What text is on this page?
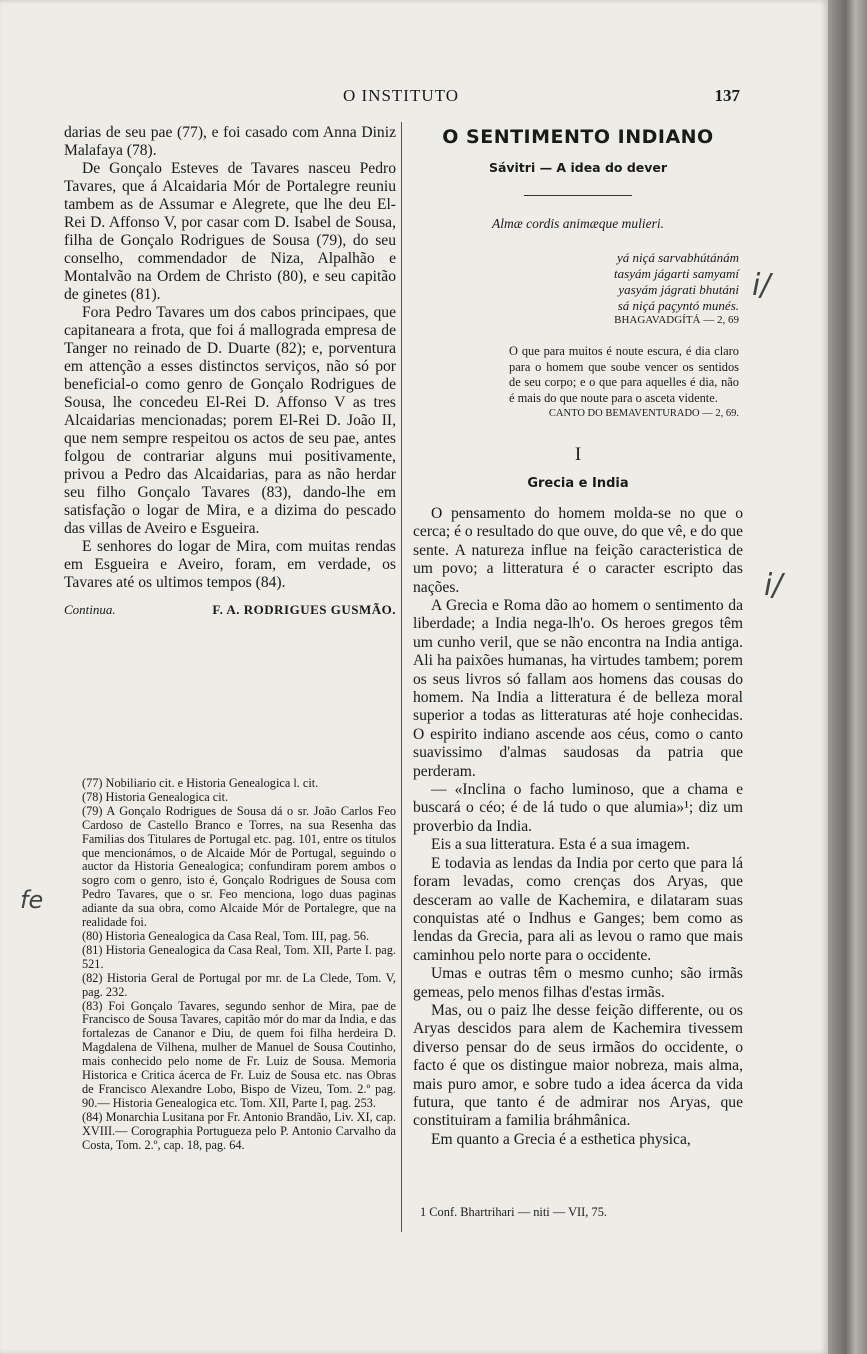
O INSTITUTO	137

darias de seu pae (77), e foi casado com Anna Diniz Malafaya (78).

De Gonçalo Esteves de Tavares nasceu Pedro Tavares, que á Alcaidaria Mór de Portalegre reuniu tambem as de Assumar e Alegrete, que lhe deu El-Rei D. Affonso V, por casar com D. Isabel de Sousa, filha de Gonçalo Rodrigues de Sousa (79), do seu conselho, commendador de Niza, Alpalhão e Montalvão na Ordem de Christo (80), e seu capitão de ginetes (81).

Fora Pedro Tavares um dos cabos principaes, que capitaneara a frota, que foi á mallograda empresa de Tanger no reinado de D. Duarte (82); e, porventura em attenção a esses distinctos serviços, não só por beneficial-o como genro de Gonçalo Rodrigues de Sousa, lhe concedeu El-Rei D. Affonso V as tres Alcaidarias mencionadas; porem El-Rei D. João II, que nem sempre respeitou os actos de seu pae, antes folgou de contrariar alguns mui positivamente, privou a Pedro das Alcaidarias, para as não herdar seu filho Gonçalo Tavares (83), dando-lhe em satisfação o logar de Mira, e a dizima do pescado das villas de Aveiro e Esgueira.

E senhores do logar de Mira, com muitas rendas em Esgueira e Aveiro, foram, em verdade, os Tavares até os ultimos tempos (84).

Continua.	F. A. RODRIGUES GUSMÃO.

(77) Nobiliario cit. e Historia Genealogica l. cit.

(78) Historia Genealogica cit.

(79) A Gonçalo Rodrigues de Sousa dá o sr. João Carlos Feo Cardoso de Castello Branco e Torres, na sua Resenha das Familias dos Titulares de Portugal etc. pag. 101, entre os titulos que mencionámos, o de Alcaide Mór de Portugal, seguindo o auctor da Historia Genealogica; confundiram porem ambos o sogro com o genro, isto é, Gonçalo Rodrigues de Sousa com Pedro Tavares, que o sr. Feo menciona, logo duas paginas adiante da sua obra, como Alcaide Mór de Portalegre, que na realidade foi.

(80) Historia Genealogica da Casa Real, Tom. III, pag. 56.

(81) Historia Genealogica da Casa Real, Tom. XII, Parte I. pag. 521.

(82) Historia Geral de Portugal por mr. de La Clede, Tom. V, pag. 232.

(83) Foi Gonçalo Tavares, segundo senhor de Mira, pae de Francisco de Sousa Tavares, capitão mór do mar da India, e das fortalezas de Cananor e Diu, de quem foi filha herdeira D. Magdalena de Vilhena, mulher de Manuel de Sousa Coutinho, mais conhecido pelo nome de Fr. Luiz de Sousa. Memoria Historica e Critica ácerca de Fr. Luiz de Sousa etc. nas Obras de Francisco Alexandre Lobo, Bispo de Vizeu, Tom. 2.º pag. 90.— Historia Genealogica etc. Tom. XII, Parte I, pag. 253.

(84) Monarchia Lusitana por Fr. Antonio Brandão, Liv. XI, cap. XVIII.— Corographia Portugueza pelo P. Antonio Carvalho da Costa, Tom. 2.º, cap. 18, pag. 64.

O SENTIMENTO INDIANO
Sávitri — A idea do dever
Almæ cordis animæque mulieri.
yá niçá sarvabhútánám
tasyám jágarti samyamí
yasyám jágrati bhutáni
sá niçá paçyntó munés.
BHAGAVADGÍTÁ — 2, 69
O que para muitos é noute escura, é dia claro para o homem que soube vencer os sentidos de seu corpo; e o que para aquelles é dia, não é mais do que noute para o asceta vidente.
CANTO DO BEMAVENTURADO — 2, 69.
I
Grecia e India

O pensamento do homem molda-se no que o cerca; é o resultado do que ouve, do que vê, e do que sente. A natureza influe na feição caracteristica de um povo; a litteratura é o caracter escripto das nações.

A Grecia e Roma dão ao homem o sentimento da liberdade; a India nega-lh'o. Os heroes gregos têm um cunho veril, que se não encontra na India antiga. Ali ha paixões humanas, ha virtudes tambem; porem os seus livros só fallam aos homens das cousas do homem. Na India a litteratura é de belleza moral superior a todas as litteraturas até hoje conhecidas. O espirito indiano ascende aos céus, como o canto suavissimo d'almas saudosas da patria que perderam.

— «Inclina o facho luminoso, que a chama e buscará o céo; é de lá tudo o que alumia»¹; diz um proverbio da India.

Eis a sua litteratura. Esta é a sua imagem.

E todavia as lendas da India por certo que para lá foram levadas, como crenças dos Aryas, que desceram ao valle de Kachemira, e dilataram suas conquistas até o Indhus e Ganges; bem como as lendas da Grecia, para ali as levou o ramo que mais caminhou pelo norte para o occidente.

Umas e outras têm o mesmo cunho; são irmãs gemeas, pelo menos filhas d'estas irmãs.

Mas, ou o paiz lhe desse feição differente, ou os Aryas descidos para alem de Kachemira tivessem diverso pensar do de seus irmãos do occidente, o facto é que os distingue maior nobreza, mais alma, mais puro amor, e sobre tudo a idea ácerca da vida futura, que tanto é de admirar nos Aryas, que constituiram a familia bráhmânica.

Em quanto a Grecia é a esthetica physica,

1 Conf. Bhartrihari — niti — VII, 75.
i/
i/
fe
